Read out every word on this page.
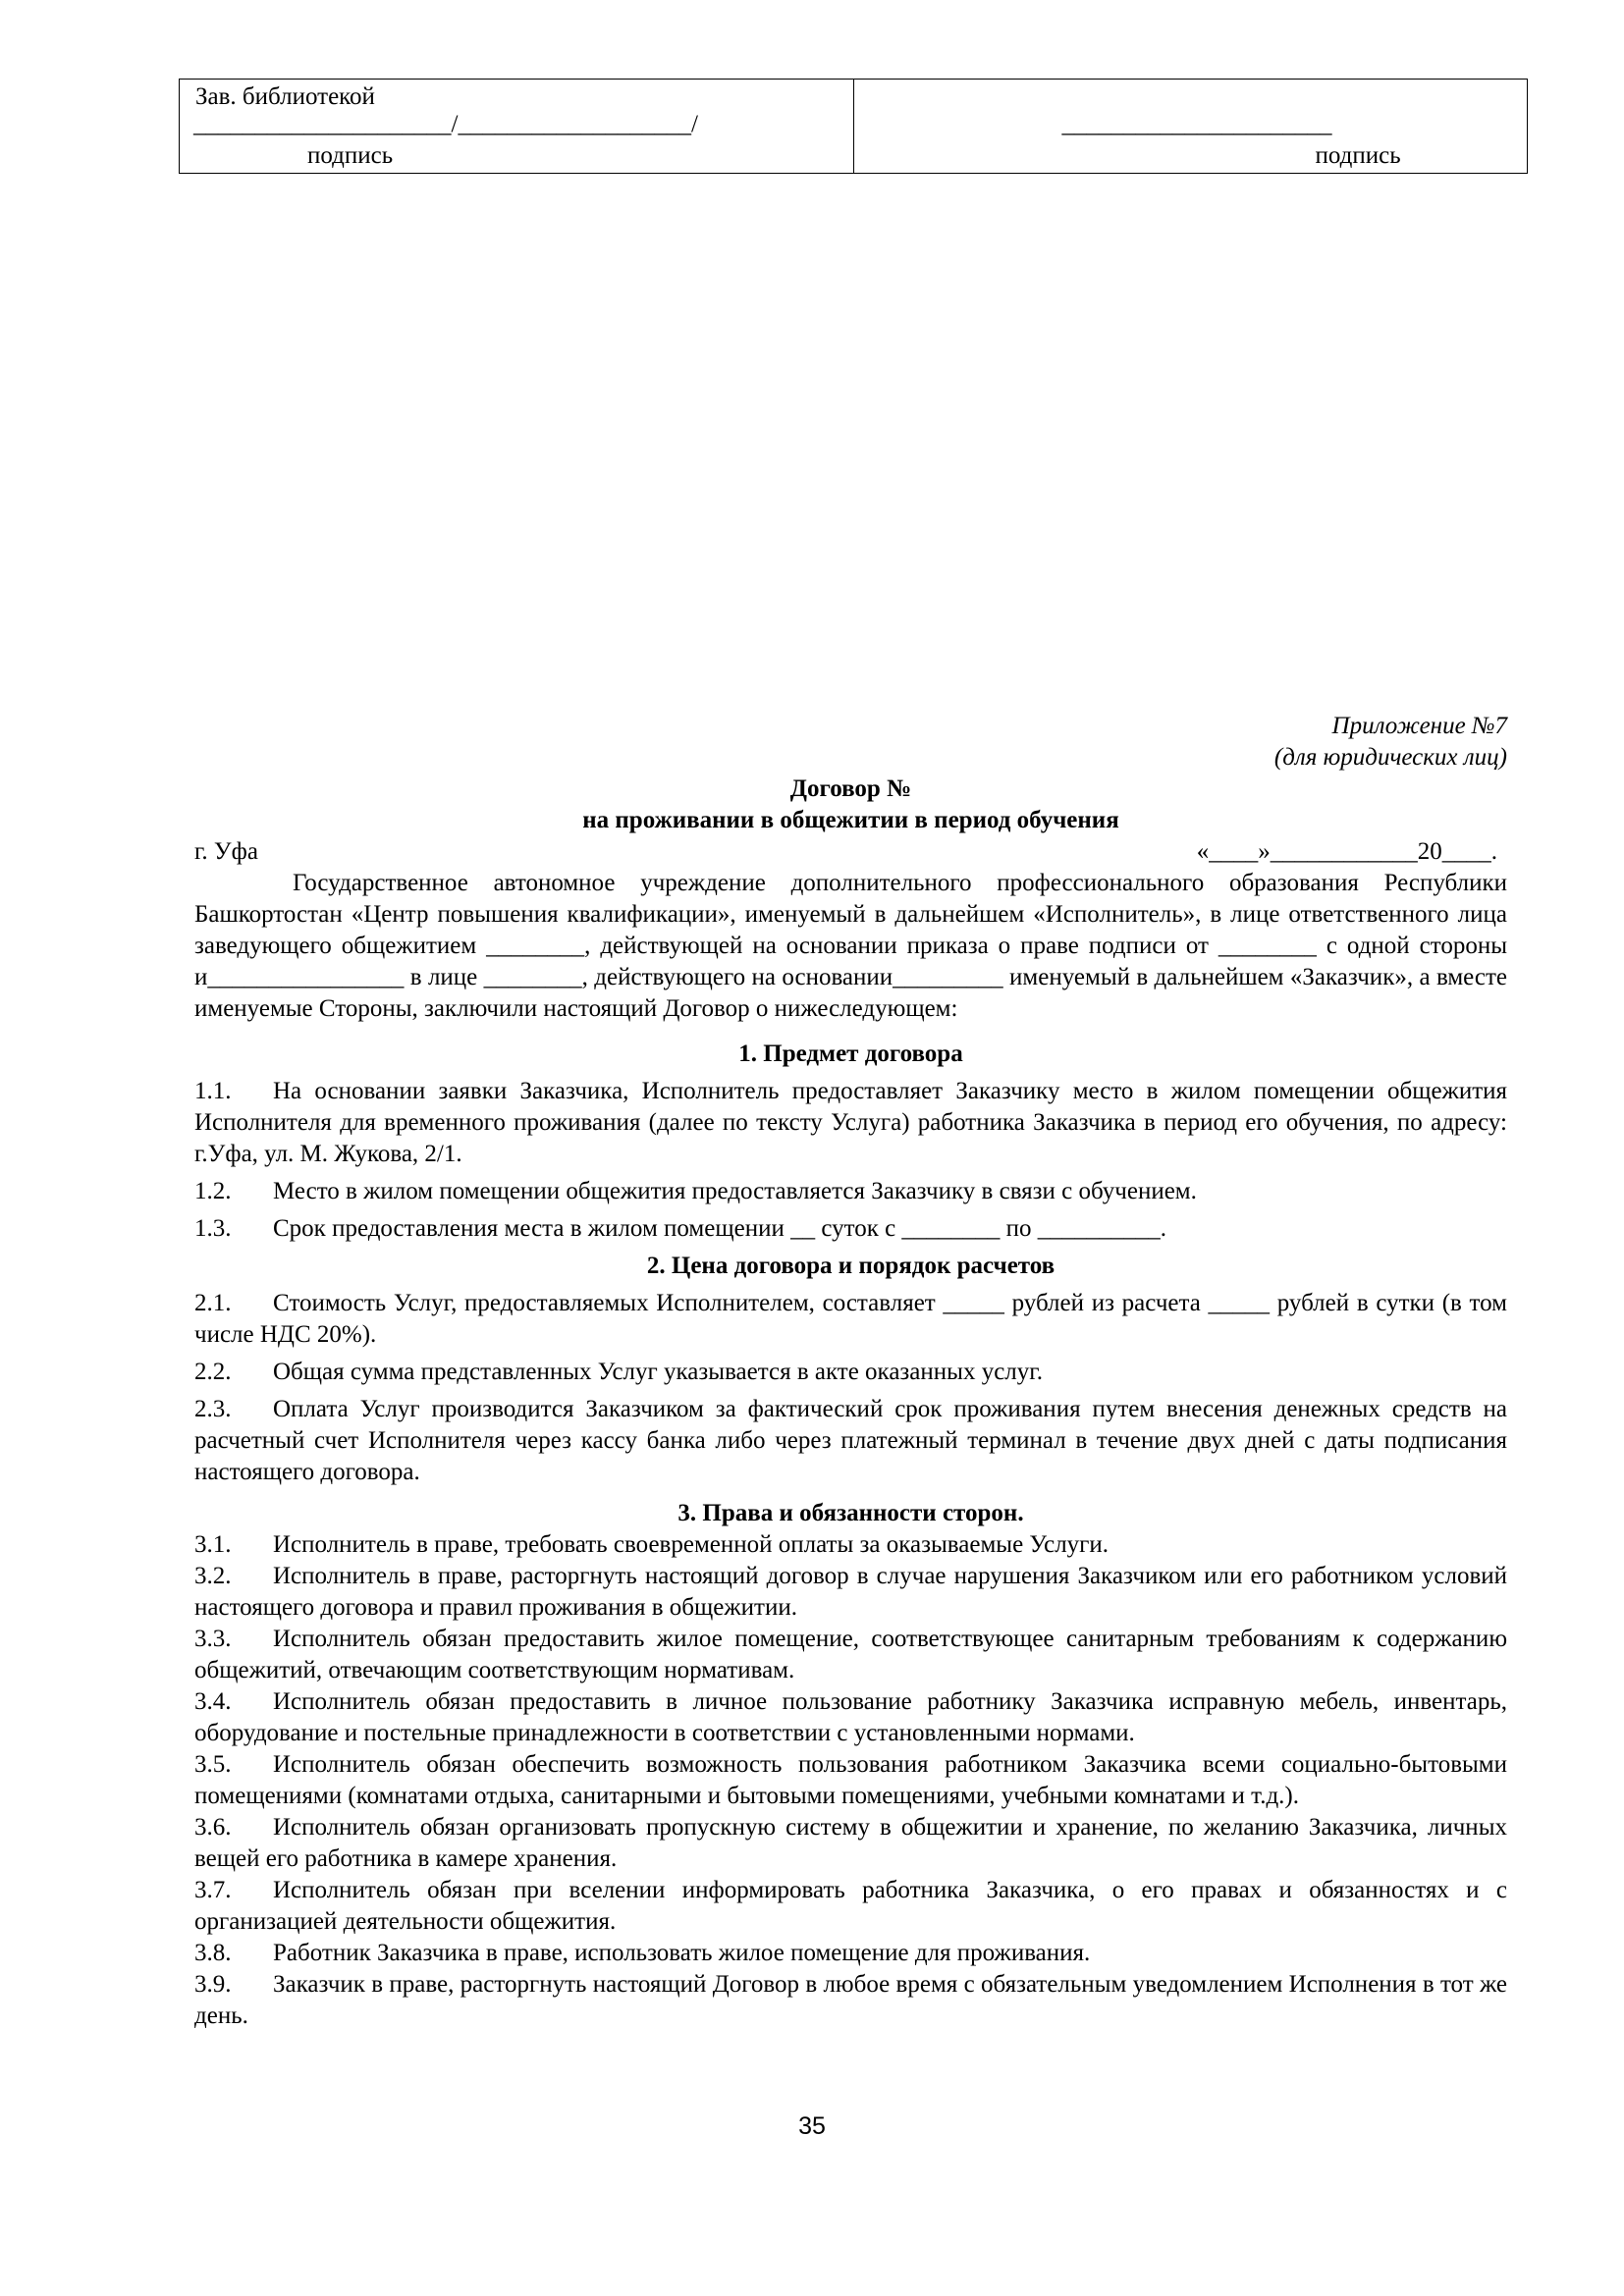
Зав. библиотекой
_____________________/___________________/
подпись
______________________
подпись
Приложение №7
(для юридических лиц)
Договор №
на проживании в общежитии в период обучения
г. Уфа	«____»____________20____.
Государственное автономное учреждение дополнительного профессионального образования Республики Башкортостан «Центр повышения квалификации», именуемый в дальнейшем «Исполнитель», в лице ответственного лица заведующего общежитием ________, действующей на основании приказа о праве подписи от ________ с одной стороны и________________ в лице ________, действующего на основании_________ именуемый в дальнейшем «Заказчик», а вместе именуемые Стороны, заключили настоящий Договор о нижеследующем:
1. Предмет договора
1.1. На основании заявки Заказчика, Исполнитель предоставляет Заказчику место в жилом помещении общежития Исполнителя для временного проживания (далее по тексту Услуга) работника Заказчика в период его обучения, по адресу: г.Уфа, ул. М. Жукова, 2/1.
1.2. Место в жилом помещении общежития предоставляется Заказчику в связи с обучением.
1.3. Срок предоставления места в жилом помещении __ суток с ________ по __________.
2. Цена договора и порядок расчетов
2.1. Стоимость Услуг, предоставляемых Исполнителем, составляет _____ рублей из расчета _____ рублей в сутки (в том числе НДС 20%).
2.2. Общая сумма представленных Услуг указывается в акте оказанных услуг.
2.3. Оплата Услуг производится Заказчиком за фактический срок проживания путем внесения денежных средств на расчетный счет Исполнителя через кассу банка либо через платежный терминал в течение двух дней с даты подписания настоящего договора.
3. Права и обязанности сторон.
3.1. Исполнитель в праве, требовать своевременной оплаты за оказываемые Услуги.
3.2. Исполнитель в праве, расторгнуть настоящий договор в случае нарушения Заказчиком или его работником условий настоящего договора и правил проживания в общежитии.
3.3. Исполнитель обязан предоставить жилое помещение, соответствующее санитарным требованиям к содержанию общежитий, отвечающим соответствующим нормативам.
3.4. Исполнитель обязан предоставить в личное пользование работнику Заказчика исправную мебель, инвентарь, оборудование и постельные принадлежности в соответствии с установленными нормами.
3.5. Исполнитель обязан обеспечить возможность пользования работником Заказчика всеми социально-бытовыми помещениями (комнатами отдыха, санитарными и бытовыми помещениями, учебными комнатами и т.д.).
3.6. Исполнитель обязан организовать пропускную систему в общежитии и хранение, по желанию Заказчика, личных вещей его работника в камере хранения.
3.7. Исполнитель обязан при вселении информировать работника Заказчика, о его правах и обязанностях и с организацией деятельности общежития.
3.8. Работник Заказчика в праве, использовать жилое помещение для проживания.
3.9. Заказчик в праве, расторгнуть настоящий Договор в любое время с обязательным уведомлением Исполнения в тот же день.
35
